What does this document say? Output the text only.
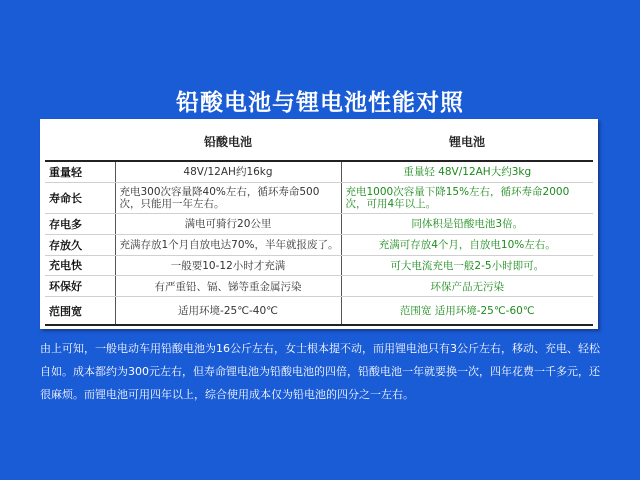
铅酸电池与锂电池性能对照
	铅酸电池	锂电池
重量轻	48V/12AH约16kg	重量轻 48V/12AH大约3kg
寿命长	充电300次容量降40%左右，循环寿命500次，只能用一年左右。	充电1000次容量下降15%左右，循环寿命2000次，可用4年以上。
存电多	满电可骑行20公里	同体积是铅酸电池3倍。
存放久	充满存放1个月自放电达70%，半年就报废了。	充满可存放4个月，自放电10%左右。
充电快	一般要10-12小时才充满	可大电流充电一般2-5小时即可。
环保好	有严重铅、镉、锑等重金属污染	环保产品无污染
范围宽	适用环境-25℃-40℃	范围宽 适用环境-25℃-60℃
由上可知，一般电动车用铅酸电池为16公斤左右，女士根本提不动，而用锂电池只有3公斤左右，移动、充电、轻松自如。成本都约为300元左右，但寿命锂电池为铅酸电池的四倍，铅酸电池一年就要换一次，四年花费一千多元，还很麻烦。而锂电池可用四年以上，综合使用成本仅为铅电池的四分之一左右。
